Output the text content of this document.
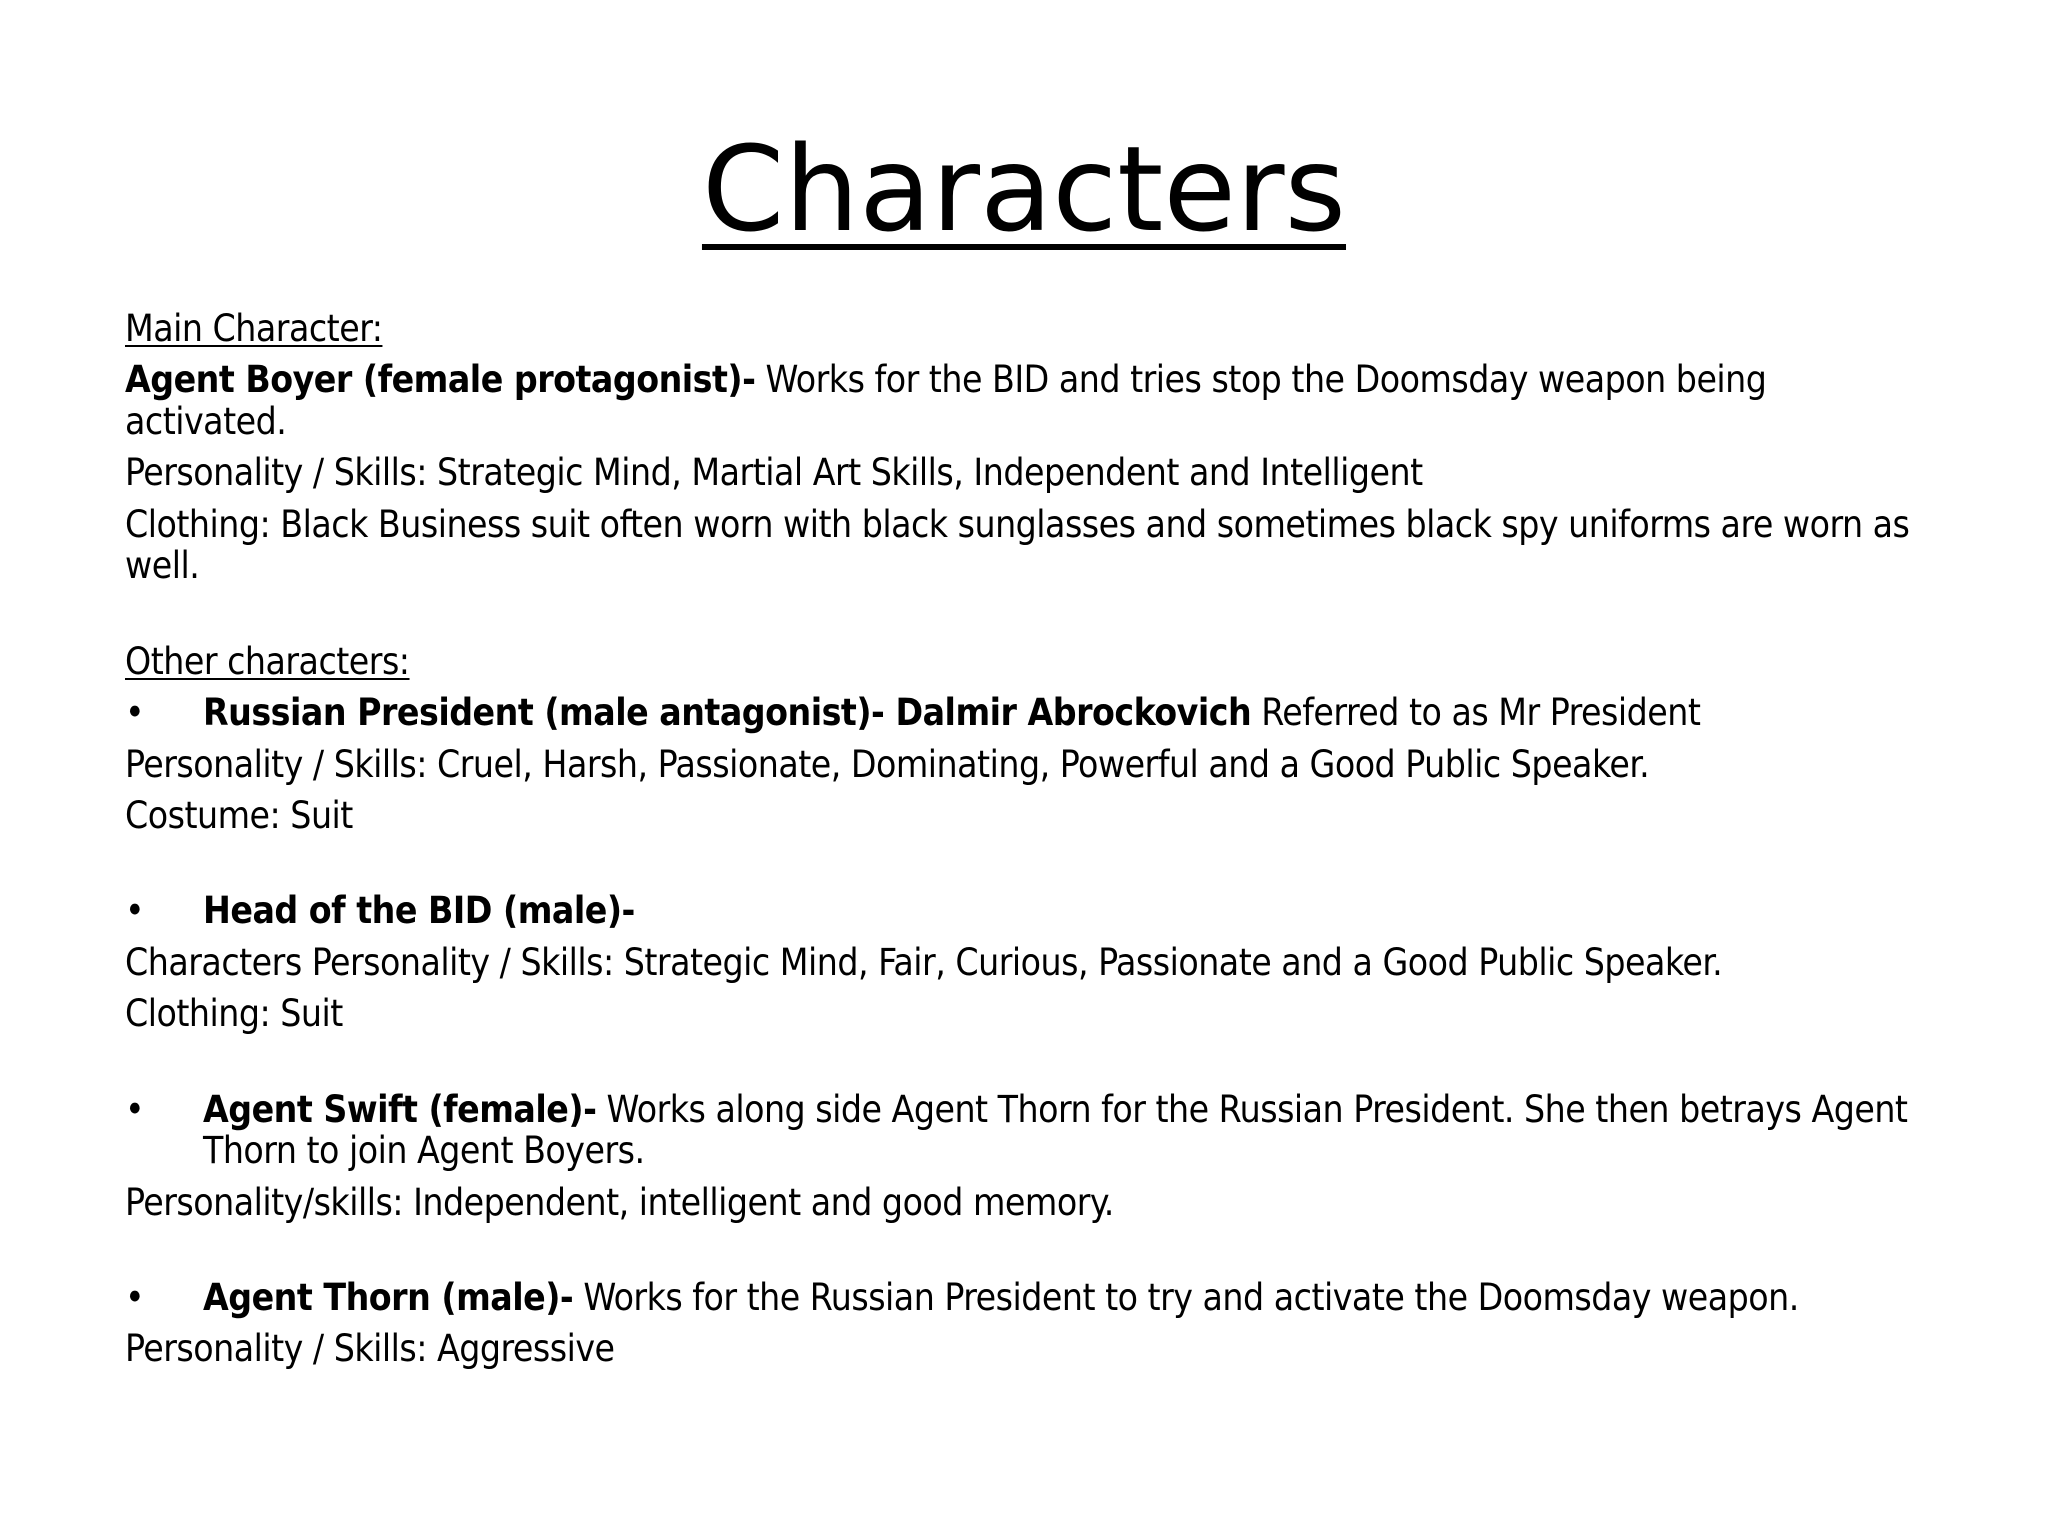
Characters

Main Character:

Agent Boyer (female protagonist)- Works for the BID and tries stop the Doomsday weapon being activated.

Personality / Skills: Strategic Mind, Martial Art Skills, Independent and Intelligent

Clothing: Black Business suit often worn with black sunglasses and sometimes black spy uniforms are worn as well.

Other characters:

• Russian President (male antagonist)- Dalmir Abrockovich Referred to as Mr President

Personality / Skills: Cruel, Harsh, Passionate, Dominating, Powerful and a Good Public Speaker.

Costume: Suit

• Head of the BID (male)-

Characters Personality / Skills: Strategic Mind, Fair, Curious, Passionate and a Good Public Speaker.

Clothing: Suit

• Agent Swift (female)- Works along side Agent Thorn for the Russian President. She then betrays Agent Thorn to join Agent Boyers.

Personality/skills: Independent, intelligent and good memory.

• Agent Thorn (male)- Works for the Russian President to try and activate the Doomsday weapon.

Personality / Skills: Aggressive
